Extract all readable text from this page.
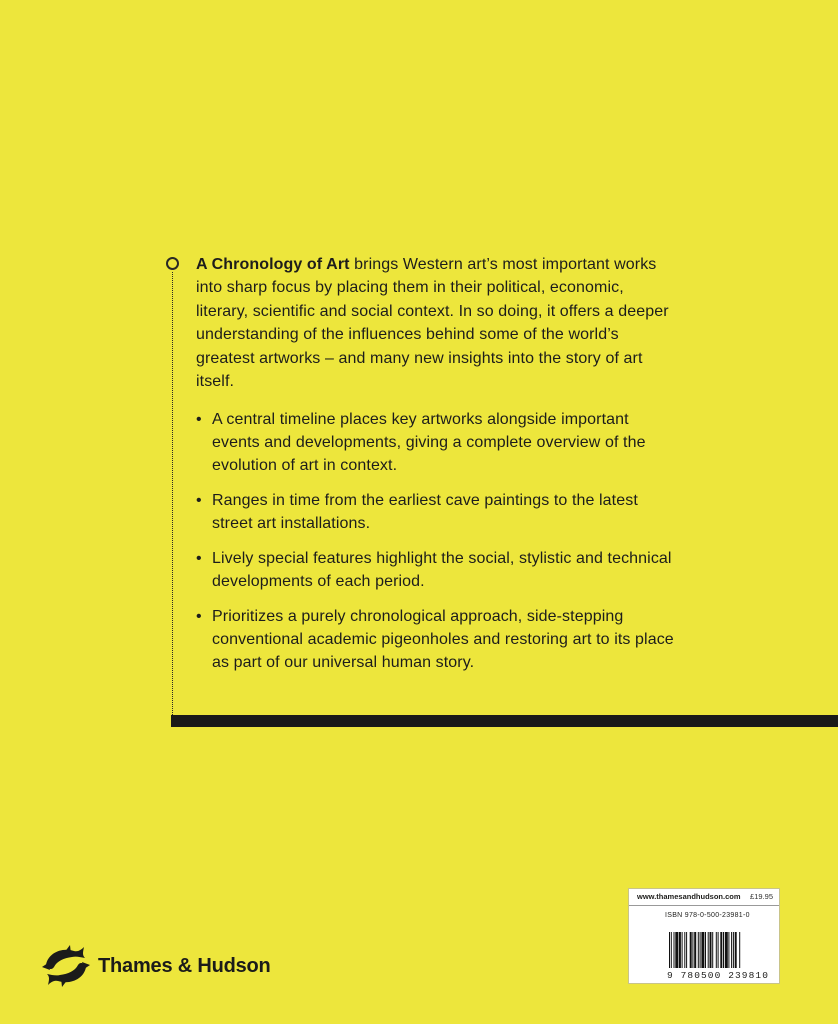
A Chronology of Art brings Western art’s most important works into sharp focus by placing them in their political, economic, literary, scientific and social context. In so doing, it offers a deeper understanding of the influences behind some of the world’s greatest artworks – and many new insights into the story of art itself.

• A central timeline places key artworks alongside important events and developments, giving a complete overview of the evolution of art in context.
• Ranges in time from the earliest cave paintings to the latest street art installations.
• Lively special features highlight the social, stylistic and technical developments of each period.
• Prioritizes a purely chronological approach, side-stepping conventional academic pigeonholes and restoring art to its place as part of our universal human story.
Thames & Hudson
www.thamesandhudson.com £19.95
ISBN 978-0-500-23981-0
9 780500 239810
